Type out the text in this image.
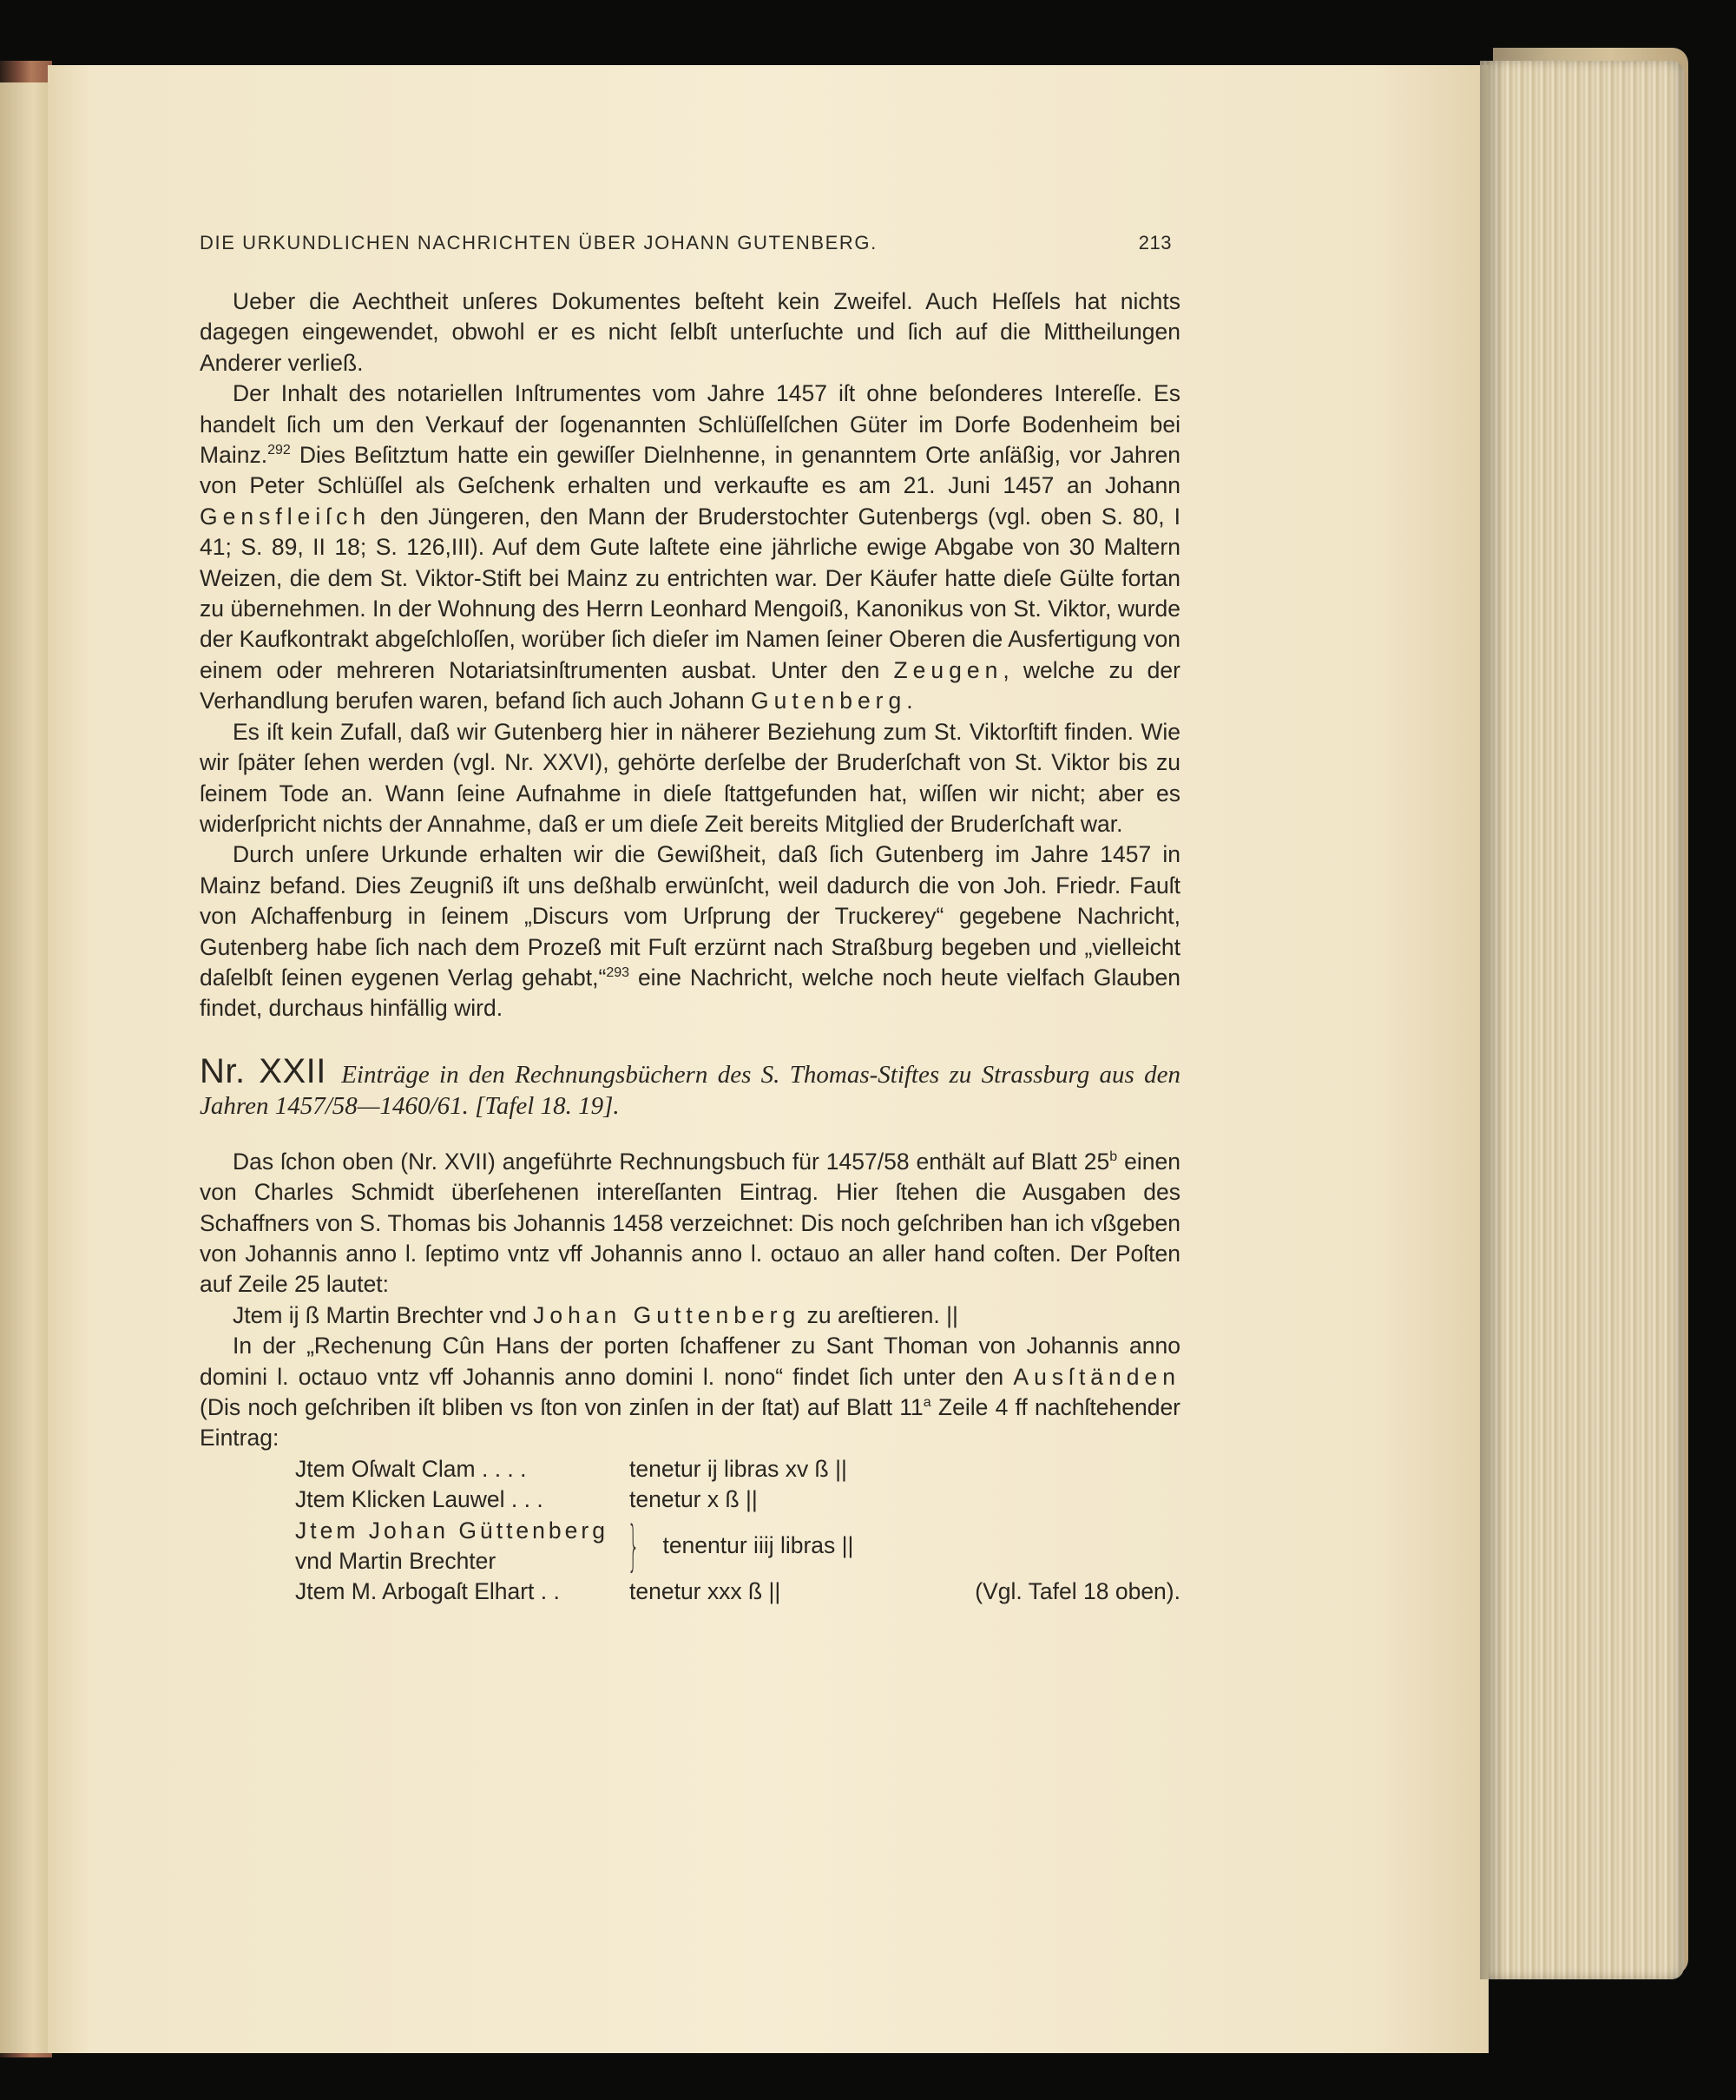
DIE URKUNDLICHEN NACHRICHTEN ÜBER JOHANN GUTENBERG.	213

Ueber die Aechtheit unſeres Dokumentes beſteht kein Zweifel. Auch Heſſels hat nichts dagegen eingewendet, obwohl er es nicht ſelbſt unterſuchte und ſich auf die Mittheilungen Anderer verließ.

Der Inhalt des notariellen Inſtrumentes vom Jahre 1457 iſt ohne beſonderes Intereſſe. Es handelt ſich um den Verkauf der ſogenannten Schlüſſelſchen Güter im Dorfe Bodenheim bei Mainz.$^{292}$ Dies Beſitztum hatte ein gewiſſer Dielnhenne, in genanntem Orte anſäßig, vor Jahren von Peter Schlüſſel als Geſchenk erhalten und verkaufte es am 21. Juni 1457 an Johann Gensfleiſch den Jüngeren, den Mann der Bruderstochter Gutenbergs (vgl. oben S. 80, I 41; S. 89, II 18; S. 126,III). Auf dem Gute laſtete eine jährliche ewige Abgabe von 30 Maltern Weizen, die dem St. Viktor-Stift bei Mainz zu entrichten war. Der Käufer hatte dieſe Gülte fortan zu übernehmen. In der Wohnung des Herrn Leonhard Mengoiß, Kanonikus von St. Viktor, wurde der Kaufkontrakt abgeſchloſſen, worüber ſich dieſer im Namen ſeiner Oberen die Ausfertigung von einem oder mehreren Notariatsinſtrumenten ausbat. Unter den Zeugen, welche zu der Verhandlung berufen waren, befand ſich auch Johann Gutenberg.

Es iſt kein Zufall, daß wir Gutenberg hier in näherer Beziehung zum St. Viktorſtift finden. Wie wir ſpäter ſehen werden (vgl. Nr. XXVI), gehörte derſelbe der Bruderſchaft von St. Viktor bis zu ſeinem Tode an. Wann ſeine Aufnahme in dieſe ſtattgefunden hat, wiſſen wir nicht; aber es widerſpricht nichts der Annahme, daß er um dieſe Zeit bereits Mitglied der Bruderſchaft war.

Durch unſere Urkunde erhalten wir die Gewißheit, daß ſich Gutenberg im Jahre 1457 in Mainz befand. Dies Zeugniß iſt uns deßhalb erwünſcht, weil dadurch die von Joh. Friedr. Fauſt von Aſchaffenburg in ſeinem „Discurs vom Urſprung der Truckerey“ gegebene Nachricht, Gutenberg habe ſich nach dem Prozeß mit Fuſt erzürnt nach Straßburg begeben und „vielleicht daſelbſt ſeinen eygenen Verlag gehabt,“$^{293}$ eine Nachricht, welche noch heute vielfach Glauben findet, durchaus hinfällig wird.

Nr. XXII Einträge in den Rechnungsbüchern des S. Thomas-Stiftes zu Strassburg aus den Jahren 1457/58—1460/61. [Tafel 18. 19].

Das ſchon oben (Nr. XVII) angeführte Rechnungsbuch für 1457/58 enthält auf Blatt 25$^b$ einen von Charles Schmidt überſehenen intereſſanten Eintrag. Hier ſtehen die Ausgaben des Schaffners von S. Thomas bis Johannis 1458 verzeichnet: Dis noch geſchriben han ich vßgeben von Johannis anno l. ſeptimo vntz vff Johannis anno l. octauo an aller hand coſten. Der Poſten auf Zeile 25 lautet:

Jtem ij ß Martin Brechter vnd Johan Guttenberg zu areſtieren. ||

In der „Rechenung Cûn Hans der porten ſchaffener zu Sant Thoman von Johannis anno domini l. octauo vntz vff Johannis anno domini l. nono“ findet ſich unter den Ausſtänden (Dis noch geſchriben iſt bliben vs ſton von zinſen in der ſtat) auf Blatt 11$^a$ Zeile 4 ff nachſtehender Eintrag:

Jtem Oſwalt Clam . . . .	tenetur ij libras xv ß ||
Jtem Klicken Lauwel . . .	tenetur x ß ||
Jtem Johan Güttenberg
vnd Martin Brechter	} tenentur iiij libras ||
Jtem M. Arbogaſt Elhart . .	tenetur xxx ß ||	(Vgl. Tafel 18 oben).
